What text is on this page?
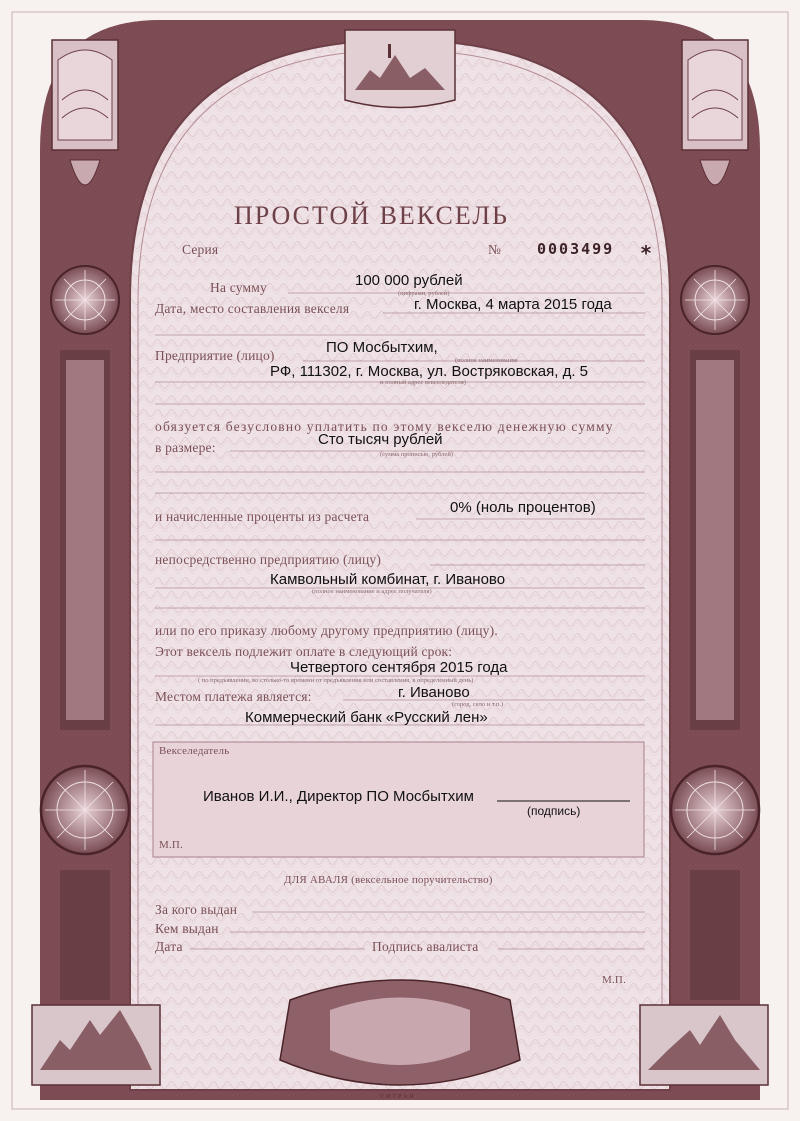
ПРОСТОЙ ВЕКСЕЛЬ
Серия	№ 0003499 *
На сумму	100 000 рублей
(цифрами, рублей)
Дата, место составления векселя	г. Москва, 4 марта 2015 года
Предприятие (лицо)	ПО Мосбытхим,
(полное наименование
РФ, 111302, г. Москва, ул. Востряковская, д. 5
и полный адрес векселедателя)
обязуется безусловно уплатить по этому векселю денежную сумму
в размере:	Сто тысяч рублей
(сумма прописью, рублей)
и начисленные проценты из расчета
0% (ноль процентов)
непосредственно предприятию (лицу)
Камвольный комбинат, г. Иваново
(полное наименование и адрес получателя)
или по его приказу любому другому предприятию (лицу).
Этот вексель подлежит оплате в следующий срок:
Четвертого сентября 2015 года
( по предъявлении, во столько-то времени от предъявления или составления, в определенный день)
Местом платежа является:	г. Иваново
(город, село и т.п.)
Коммерческий банк «Русский лен»
Векселедатель
Иванов И.И., Директор ПО Мосбытхим
(подпись)
М.П.
ДЛЯ АВАЛЯ (вексельное поручительство)
За кого выдан
Кем выдан
Дата	Подпись авалиста
М.П.
С И Т Р А Я
